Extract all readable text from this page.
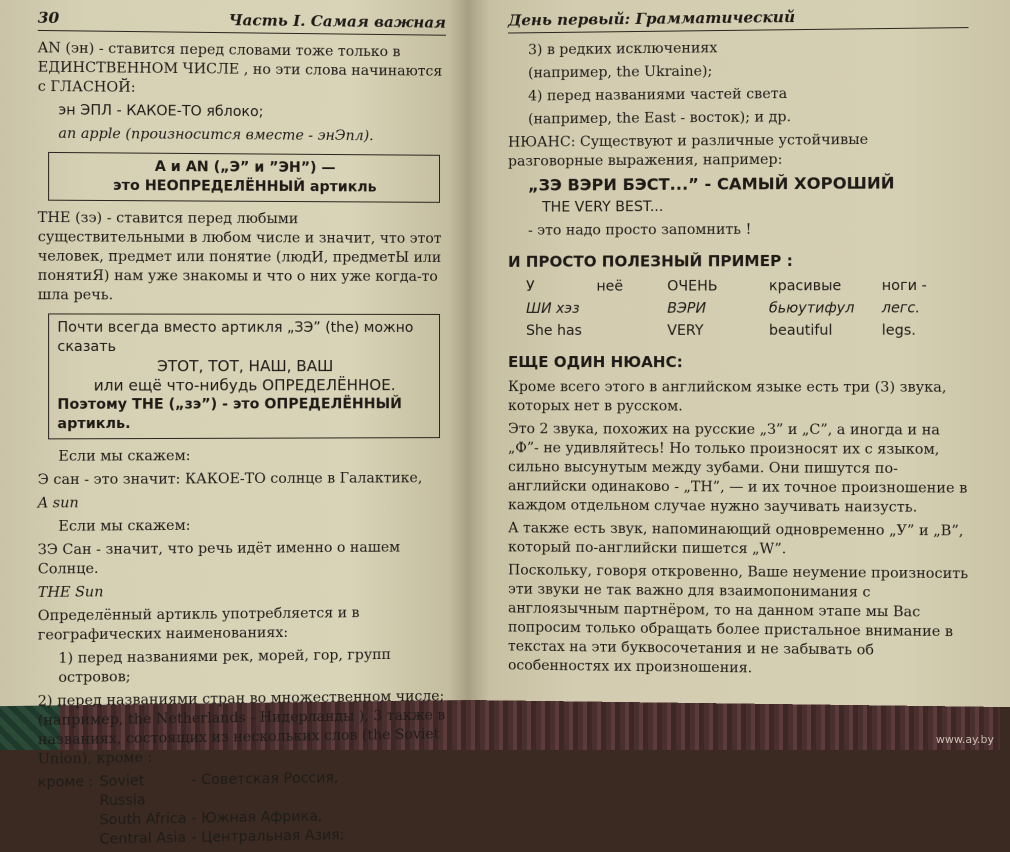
30	Часть I. Самая важная

AN (эн) - ставится перед словами тоже только в ЕДИНСТВЕННОМ ЧИСЛЕ , но эти слова начинаются с ГЛАСНОЙ:

эн ЭПЛ - КАКОЕ-ТО яблоко;

an apple (произносится вместе - энЭпл).

А и AN („Э” и ”ЭН”) —
это НЕОПРЕДЕЛЁННЫЙ артикль

THE (зэ) - ставится перед любыми существительными в любом числе и значит, что этот человек, предмет или понятие (людИ, предметЫ или понятиЯ) нам уже знакомы и что о них уже когда-то шла речь.

Почти всегда вместо артикля „ЗЭ” (the) можно сказать
ЭТОТ, ТОТ, НАШ, ВАШ
или ещё что-нибудь ОПРЕДЕЛЁННОЕ.
Поэтому THE („зэ”) - это ОПРЕДЕЛЁННЫЙ артикль.

Если мы скажем:

Э сан - это значит: КАКОЕ-ТО солнце в Галактике,

A sun

Если мы скажем:

ЗЭ Сан - значит, что речь идёт именно о нашем Солнце.

THE Sun

Определённый артикль употребляется и в географических наименованиях:

1) перед названиями рек, морей, гор, групп островов;

2) перед названиями стран во множественном числе; (например, the Netherlands - Нидерланды ), 3 также в названиях, состоящих из нескольких слов (the Soviet Union), кроме :

кроме : Soviet Russia
- Советская Россия,
South Africa - Южная Африка,
Central Asia - Центральная Азия;
День первый: Грамматический

3) в редких исключениях

(например, the Ukraine);

4) перед названиями частей света

(например, the East - восток); и др.

НЮАНС: Существуют и различные устойчивые разговорные выражения, например:

„ЗЭ ВЭРИ БЭСТ...” - САМЫЙ ХОРОШИЙ

THE VERY BEST...

- это надо просто запомнить !

И ПРОСТО ПОЛЕЗНЫЙ ПРИМЕР :
У	неё	ОЧЕНЬ	красивые	ноги -
ШИ хэз	ВЭРИ	бьюутифул	легс.
She has	VERY	beautiful	legs.
ЕЩЕ ОДИН НЮАНС:

Кроме всего этого в английском языке есть три (3) звука, которых нет в русском.

Это 2 звука, похожих на русские „З” и „С”, а иногда и на „Ф”- не удивляйтесь! Но только произносят их с языком, сильно высунутым между зубами. Они пишутся по-английски одинаково - „TH”, — и их точное произношение в каждом отдельном случае нужно заучивать наизусть.

А также есть звук, напоминающий одновременно „У” и „В”, который по-английски пишется „W”.

Поскольку, говоря откровенно, Ваше неумение произносить эти звуки не так важно для взаимопонимания с англоязычным партнёром, то на данном этапе мы Вас попросим только обращать более пристальное внимание в текстах на эти буквосочетания и не забывать об особенностях их произношения.

www.ay.by
